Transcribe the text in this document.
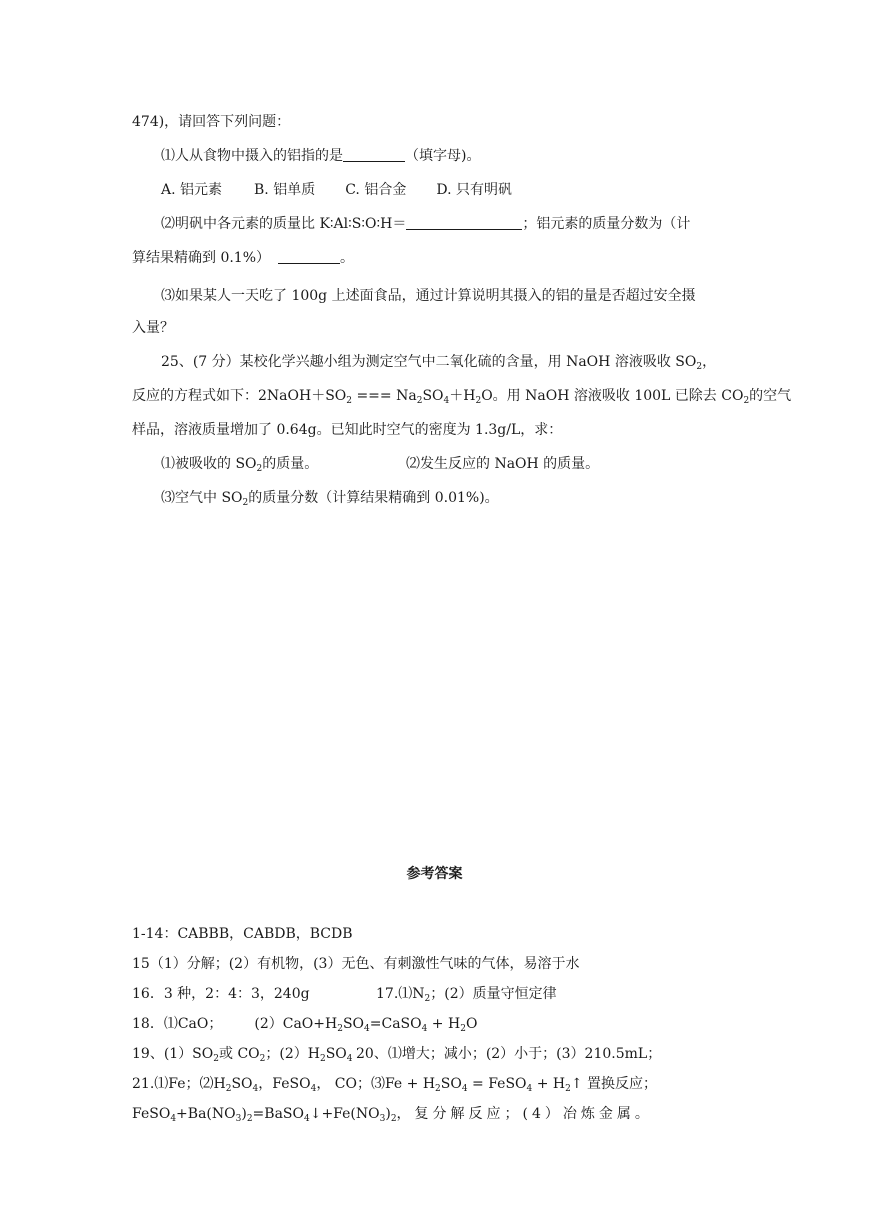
474)，请回答下列问题：
⑴人从食物中摄入的铝指的是	（填字母)。
A. 铝元素 B. 铝单质 C. 铝合金 D. 只有明矾
⑵明矾中各元素的质量比 K∶Al∶S∶O∶H＝	；铝元素的质量分数为（计
算结果精确到 0.1%）	。
⑶如果某人一天吃了 100g 上述面食品，通过计算说明其摄入的铝的量是否超过安全摄
入量？
25、(7 分）某校化学兴趣小组为测定空气中二氧化硫的含量，用 NaOH 溶液吸收 $SO_2$，
反应的方程式如下：$2NaOH+SO_2$ === $Na_2SO_4+H_2O$。用 NaOH 溶液吸收 100L 已除去 $CO_2$的空气
样品，溶液质量增加了 0.64g。已知此时空气的密度为 1.3g/L，求：
⑴被吸收的 $SO_2$的质量。	⑵发生反应的 NaOH 的质量。
⑶空气中 $SO_2$的质量分数（计算结果精确到 0.01%)。
参考答案
1-14：CABBB，CABDB，BCDB
15（1）分解；(2）有机物，(3）无色、有刺激性气味的气体，易溶于水
16．3 种，2：4：3，240g	$17.⑴N_2$；(2）质量守恒定律
18．⑴CaO； $(2)CaO+H_2SO_4=CaSO_4 + H_2O$
19、$(1)SO_2$或 $CO_2$；$(2)H_2SO_4$ 20、⑴增大；减小；(2）小于；(3）210.5mL；
21.⑴Fe；$⑵H_2SO_4$，FeSO$_4$， CO；⑶Fe + $H_2SO_4$ = FeSO$_4$ + $H_2↑$ 置换反应；
$FeSO_4+Ba(NO_3)_2=BaSO_4↓+Fe(NO_3)_2$，复分解反应；(4）冶炼金属。
